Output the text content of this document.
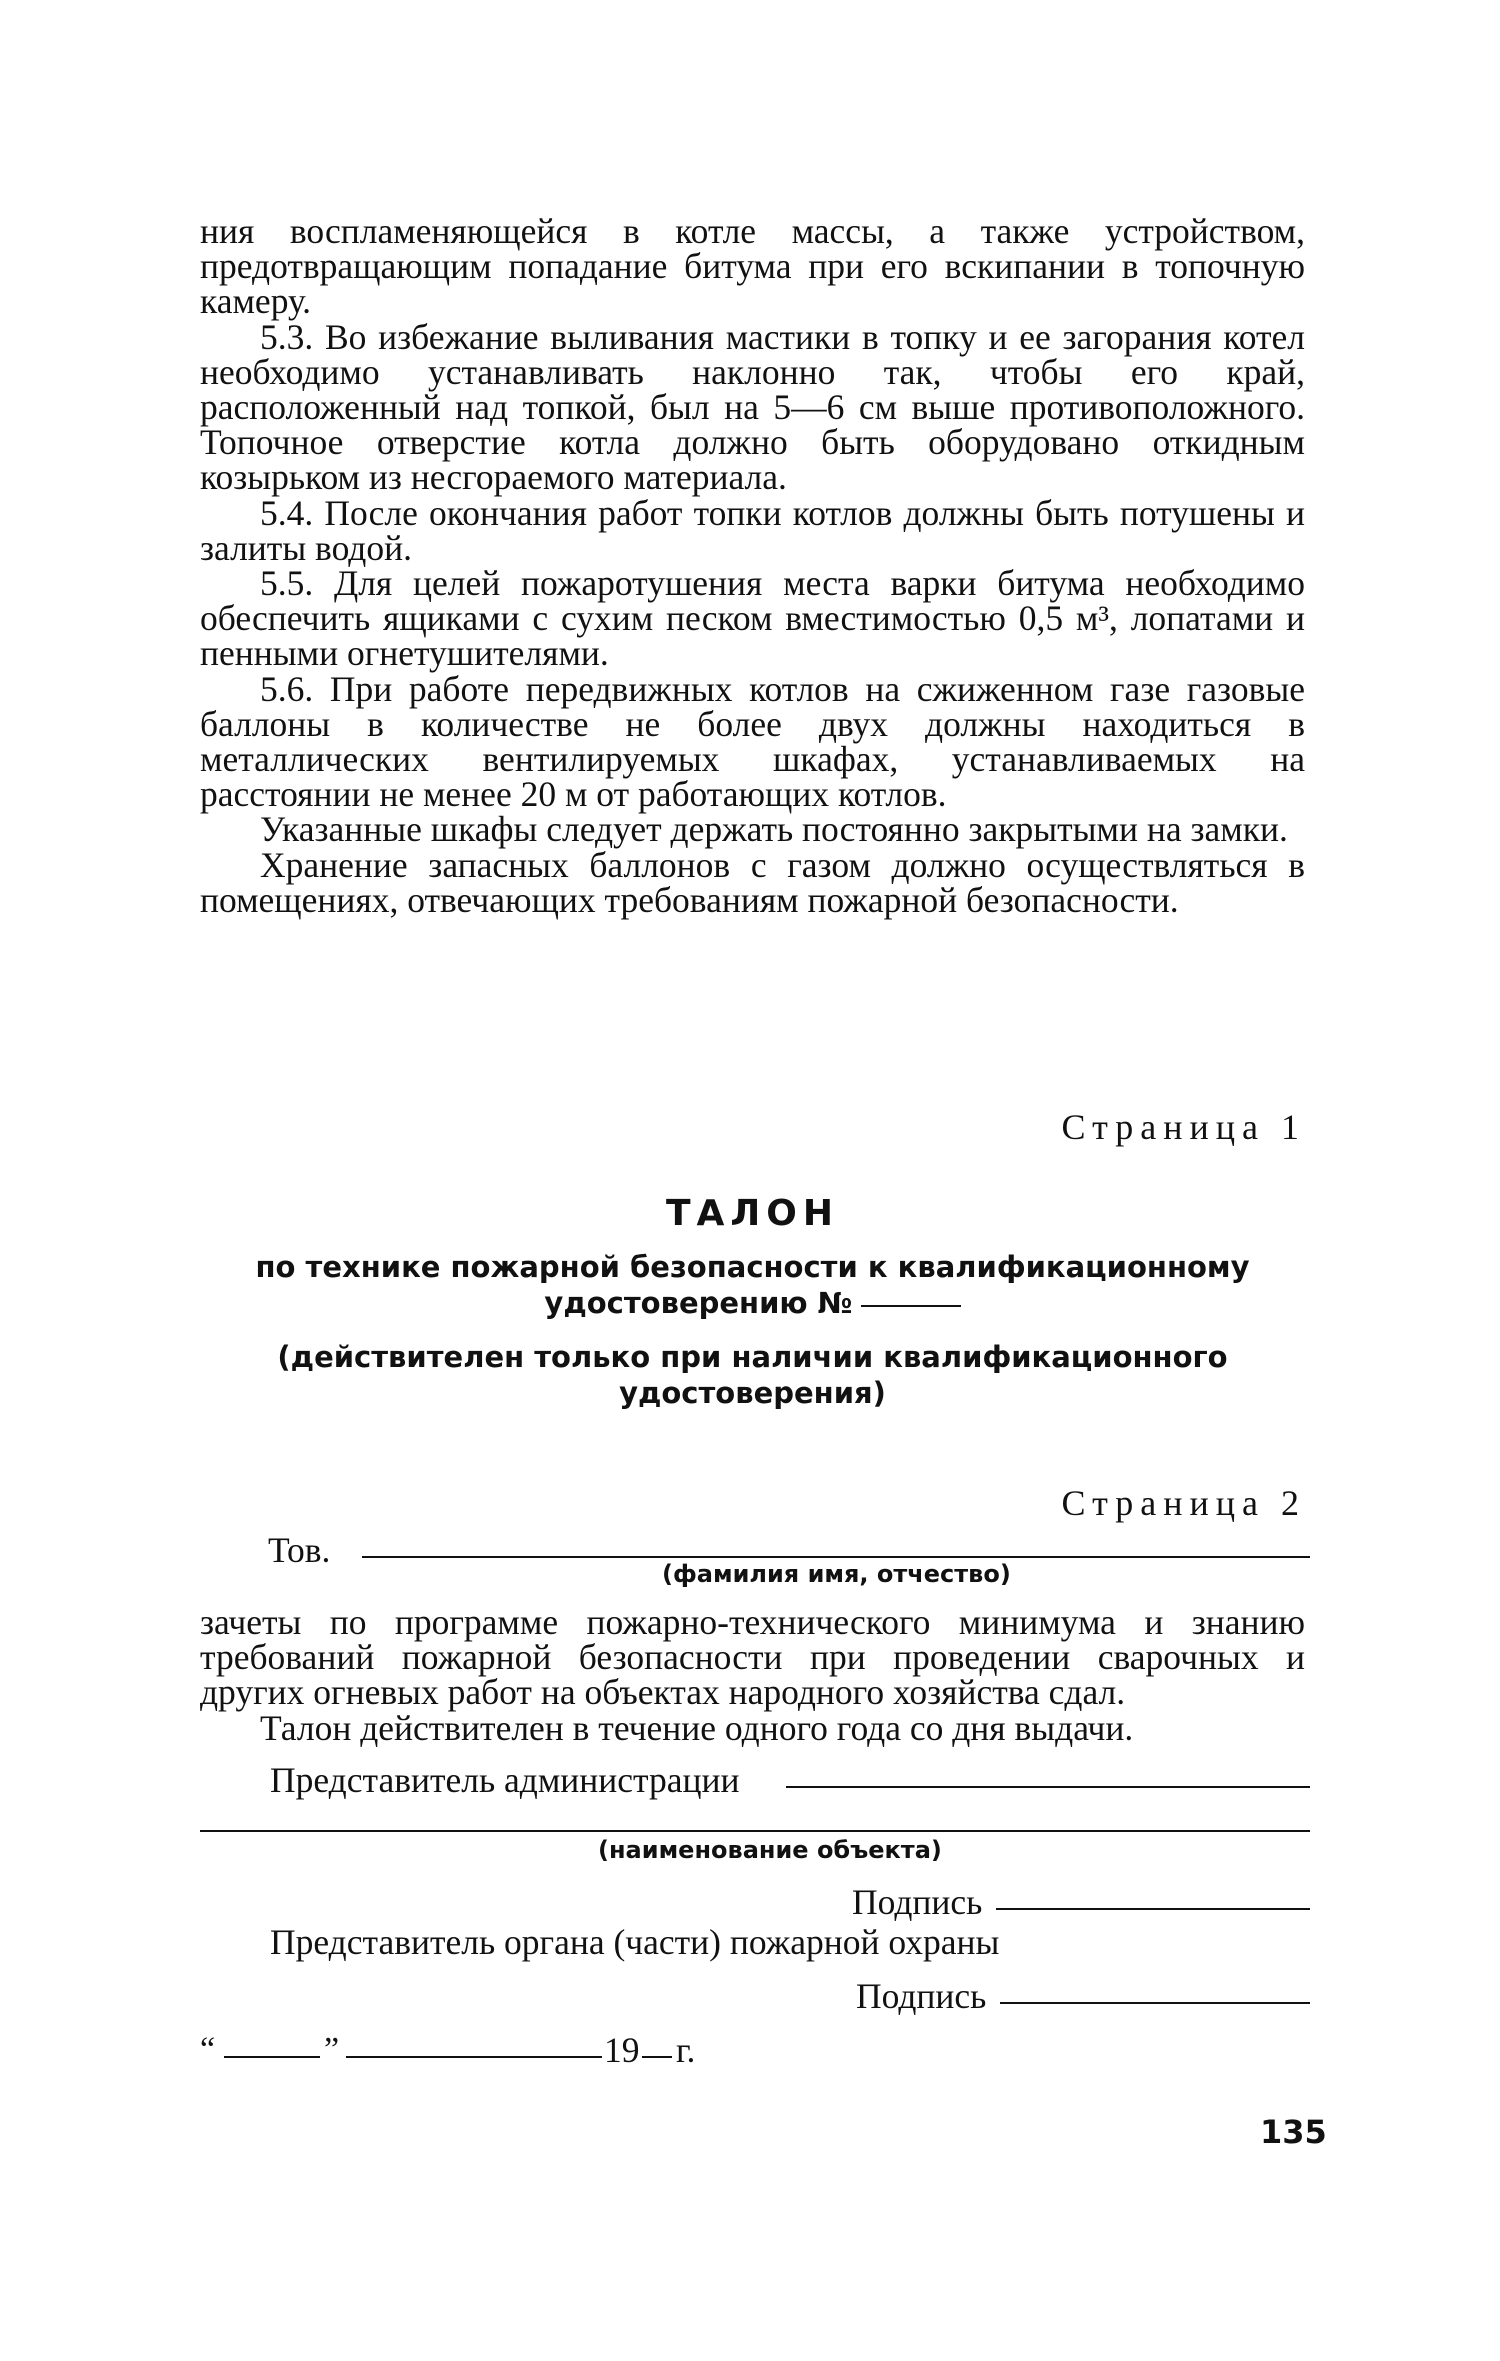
ния воспламеняющейся в котле массы, а также устройством, предотвращающим попадание битума при его вскипании в топочную камеру.

5.3. Во избежание выливания мастики в топку и ее загорания котел необходимо устанавливать наклонно так, чтобы его край, расположенный над топкой, был на 5—6 см выше противоположного. Топочное отверстие котла должно быть оборудовано откидным козырьком из несгораемого материала.

5.4. После окончания работ топки котлов должны быть потушены и залиты водой.

5.5. Для целей пожаротушения места варки битума необходимо обеспечить ящиками с сухим песком вместимостью 0,5 м³, лопатами и пенными огнетушителями.

5.6. При работе передвижных котлов на сжиженном газе газовые баллоны в количестве не более двух должны находиться в металлических вентилируемых шкафах, устанавливаемых на расстоянии не менее 20 м от работающих котлов.

Указанные шкафы следует держать постоянно закрытыми на замки.

Хранение запасных баллонов с газом должно осуществляться в помещениях, отвечающих требованиям пожарной безопасности.

Страница 1
ТАЛОН
по технике пожарной безопасности к квалификационному
удостоверению №
(действителен только при наличии квалификационного
удостоверения)
Страница 2
Тов.
(фамилия имя, отчество)

зачеты по программе пожарно-технического минимума и знанию требований пожарной безопасности при проведении сварочных и других огневых работ на объектах народного хозяйства сдал.

Талон действителен в течение одного года со дня выдачи.

Представитель администрации
(наименование объекта)
Подпись
Представитель органа (части) пожарной охраны
Подпись
“	”	19 г.
135
